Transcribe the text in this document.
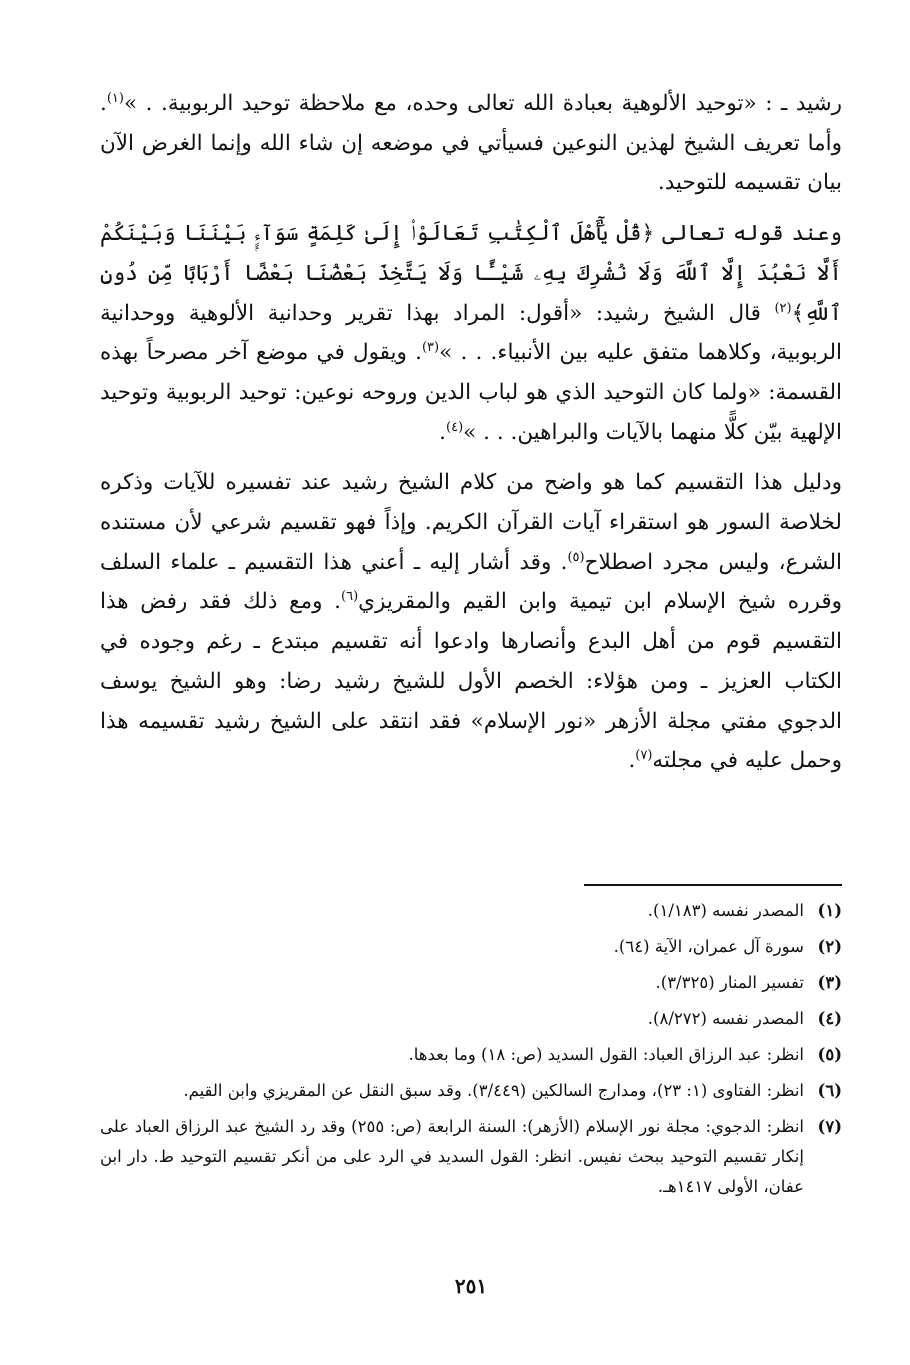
رشيد ـ : «توحيد الألوهية بعبادة الله تعالى وحده، مع ملاحظة توحيد الربوبية. . »$^{(١)}$. وأما تعريف الشيخ لهذين النوعين فسيأتي في موضعه إن شاء الله وإنما الغرض الآن بيان تقسيمه للتوحيد.

وعند قوله تعالى ﴿قُلْ يَٰٓأَهْلَ ٱلْكِتَٰبِ تَعَالَوْا۟ إِلَىٰ كَلِمَةٍ سَوَآءٍۭ بَيْنَنَا وَبَيْنَكُمْ أَلَّا نَعْبُدَ إِلَّا ٱللَّهَ وَلَا نُشْرِكَ بِهِۦ شَيْـًٔا وَلَا يَتَّخِذَ بَعْضُنَا بَعْضًا أَرْبَابًا مِّن دُونِ ٱللَّهِ﴾$^{(٢)}$ قال الشيخ رشيد: «أقول: المراد بهذا تقرير وحدانية الألوهية ووحدانية الربوبية، وكلاهما متفق عليه بين الأنبياء. . . »$^{(٣)}$. ويقول في موضع آخر مصرحاً بهذه القسمة: «ولما كان التوحيد الذي هو لباب الدين وروحه نوعين: توحيد الربوبية وتوحيد الإلهية بيّن كلًّا منهما بالآيات والبراهين. . . »$^{(٤)}$.

ودليل هذا التقسيم كما هو واضح من كلام الشيخ رشيد عند تفسيره للآيات وذكره لخلاصة السور هو استقراء آيات القرآن الكريم. وإذاً فهو تقسيم شرعي لأن مستنده الشرع، وليس مجرد اصطلاح$^{(٥)}$. وقد أشار إليه ـ أعني هذا التقسيم ـ علماء السلف وقرره شيخ الإسلام ابن تيمية وابن القيم والمقريزي$^{(٦)}$. ومع ذلك فقد رفض هذا التقسيم قوم من أهل البدع وأنصارها وادعوا أنه تقسيم مبتدع ـ رغم وجوده في الكتاب العزيز ـ ومن هؤلاء: الخصم الأول للشيخ رشيد رضا: وهو الشيخ يوسف الدجوي مفتي مجلة الأزهر «نور الإسلام» فقد انتقد على الشيخ رشيد تقسيمه هذا وحمل عليه في مجلته$^{(٧)}$.

(١)
المصدر نفسه (١/١٨٣).
(٢)
سورة آل عمران، الآية (٦٤).
(٣)
تفسير المنار (٣/٣٢٥).
(٤)
المصدر نفسه (٨/٢٧٢).
(٥)
انظر: عبد الرزاق العباد: القول السديد (ص: ١٨) وما بعدها.
(٦)
انظر: الفتاوى (١: ٢٣)، ومدارج السالكين (٣/٤٤٩). وقد سبق النقل عن المقريزي وابن القيم.
(٧)
انظر: الدجوي: مجلة نور الإسلام (الأزهر): السنة الرابعة (ص: ٢٥٥) وقد رد الشيخ عبد الرزاق العباد على إنكار تقسيم التوحيد ببحث نفيس. انظر: القول السديد في الرد على من أنكر تقسيم التوحيد ط. دار ابن عفان، الأولى ١٤١٧هـ.
٢٥١
